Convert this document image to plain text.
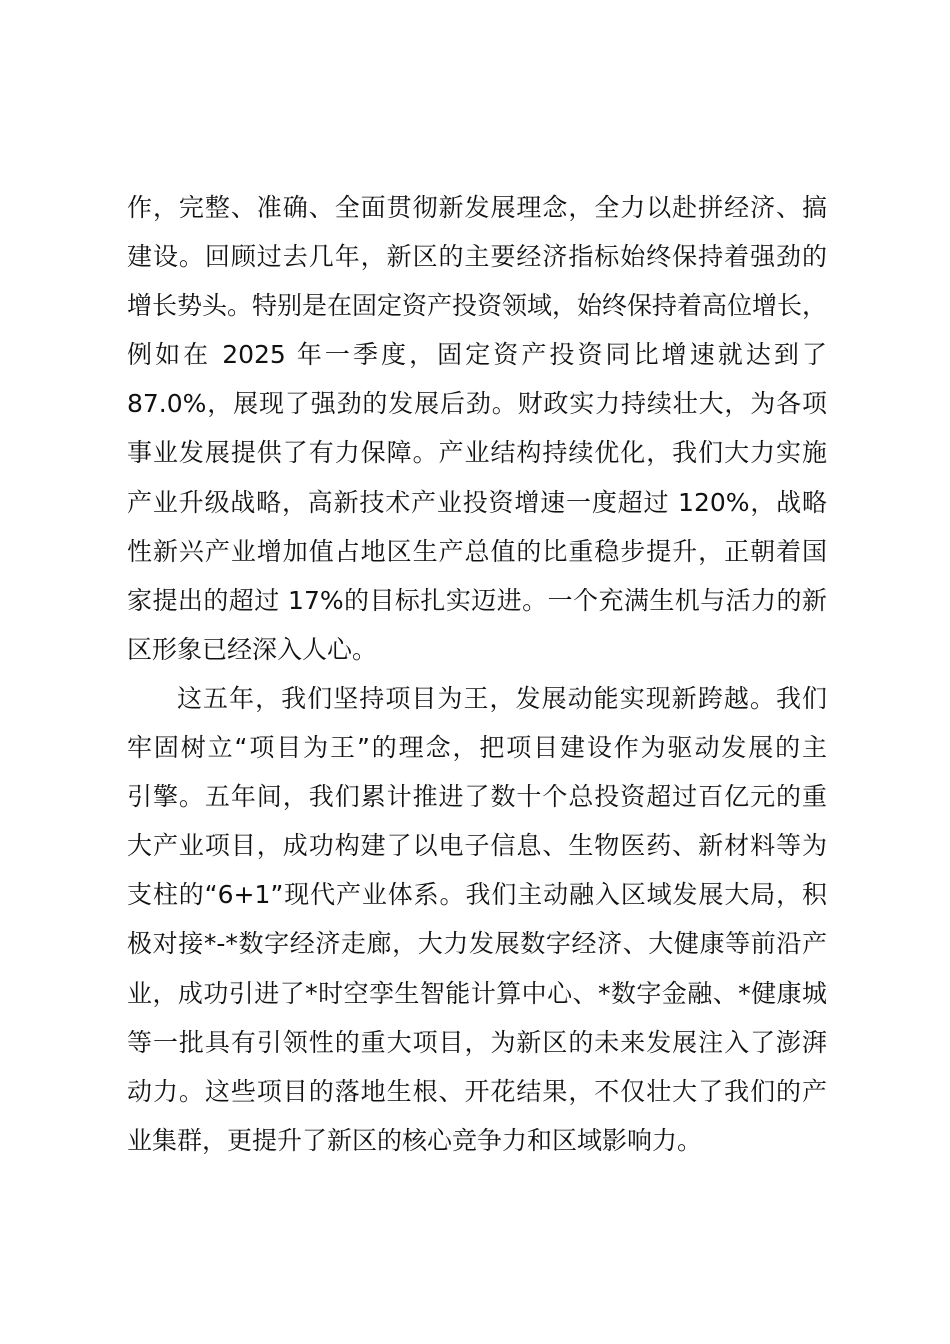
作，完整、准确、全面贯彻新发展理念，全力以赴拼经济、搞
建设。回顾过去几年，新区的主要经济指标始终保持着强劲的
增长势头。特别是在固定资产投资领域，始终保持着高位增长，
例如在 2025 年一季度，固定资产投资同比增速就达到了
87.0%，展现了强劲的发展后劲。财政实力持续壮大，为各项
事业发展提供了有力保障。产业结构持续优化，我们大力实施
产业升级战略，高新技术产业投资增速一度超过 120%，战略
性新兴产业增加值占地区生产总值的比重稳步提升，正朝着国
家提出的超过 17%的目标扎实迈进。一个充满生机与活力的新
区形象已经深入人心。
这五年，我们坚持项目为王，发展动能实现新跨越。我们
牢固树立“项目为王”的理念，把项目建设作为驱动发展的主
引擎。五年间，我们累计推进了数十个总投资超过百亿元的重
大产业项目，成功构建了以电子信息、生物医药、新材料等为
支柱的“6+1”现代产业体系。我们主动融入区域发展大局，积
极对接*-*数字经济走廊，大力发展数字经济、大健康等前沿产
业，成功引进了*时空孪生智能计算中心、*数字金融、*健康城
等一批具有引领性的重大项目，为新区的未来发展注入了澎湃
动力。这些项目的落地生根、开花结果，不仅壮大了我们的产
业集群，更提升了新区的核心竞争力和区域影响力。
